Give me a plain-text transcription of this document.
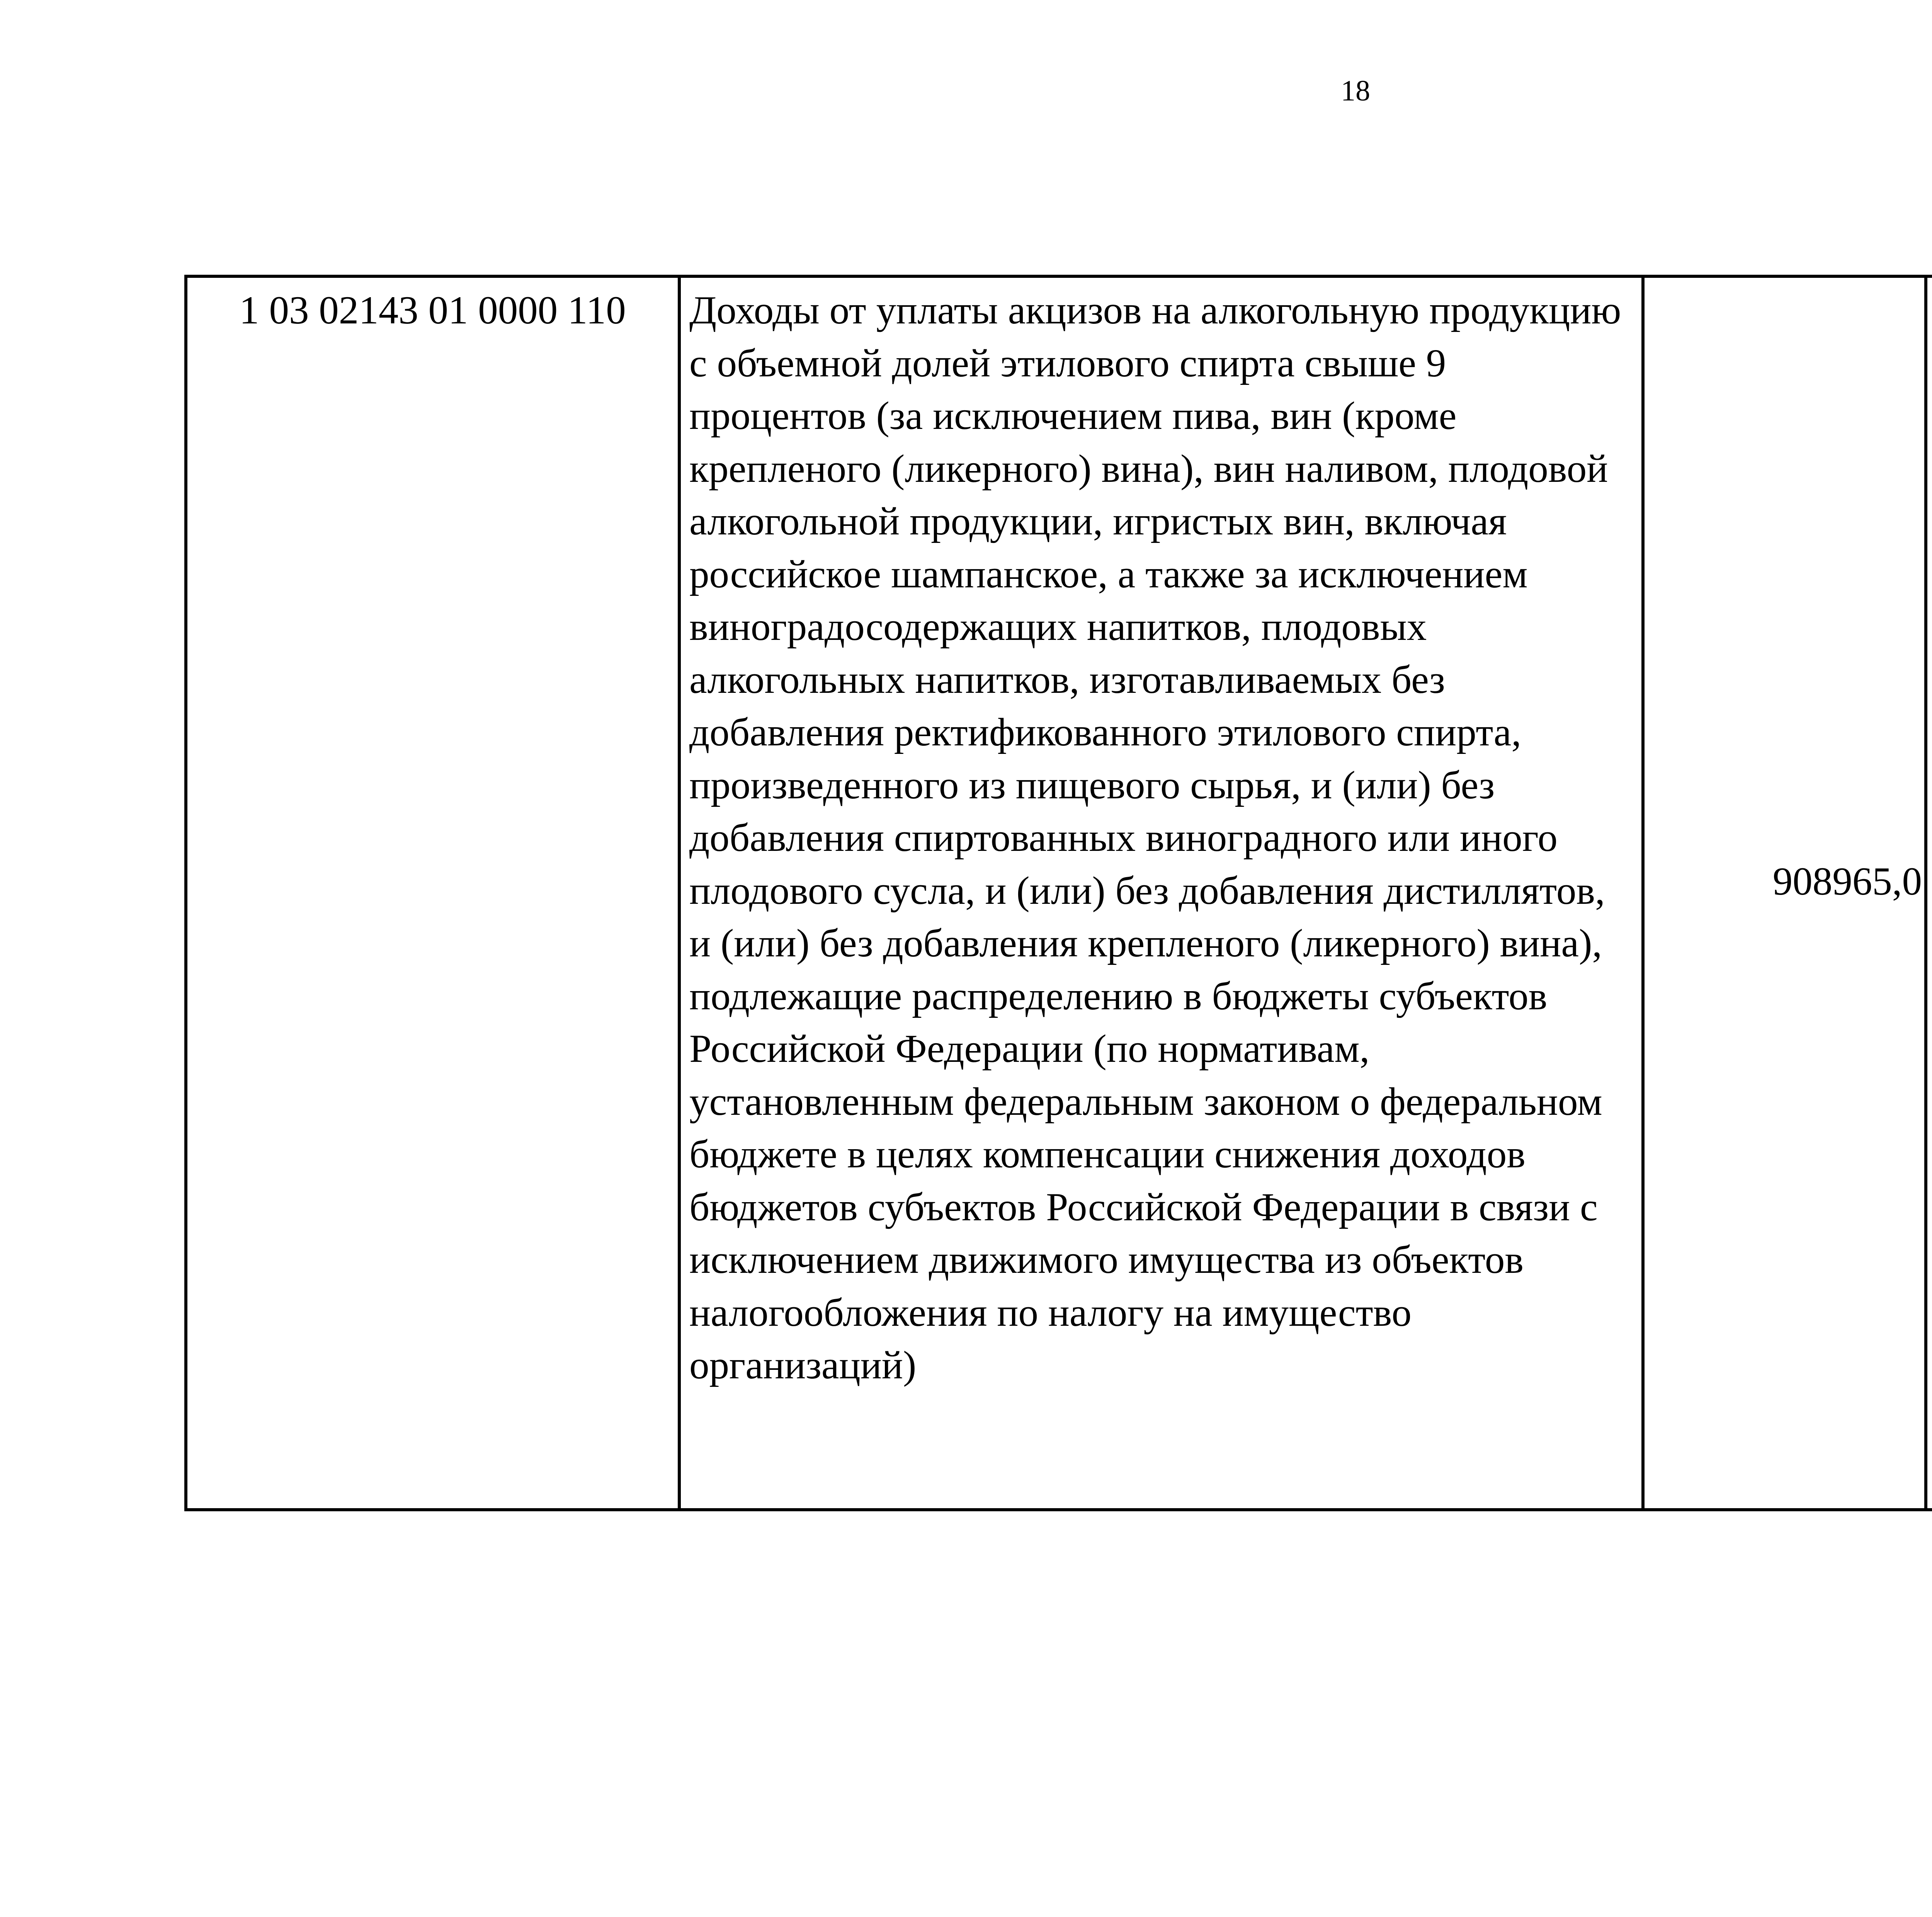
18
1 03 02143 01 0000 110	Доходы от уплаты акцизов на алкогольную продукцию с объемной долей этилового спирта свыше 9 процентов (за исключением пива, вин (кроме крепленого (ликерного) вина), вин наливом, плодовой алкогольной продукции, игристых вин, включая российское шампанское, а также за исключением виноградосодержащих напитков, плодовых алкогольных напитков, изготавливаемых без добавления ректификованного этилового спирта, произведенного из пищевого сырья, и (или) без добавления спиртованных виноградного или иного плодового сусла, и (или) без добавления дистиллятов, и (или) без добавления крепленого (ликерного) вина), подлежащие распределению в бюджеты субъектов Российской Федерации (по нормативам, установленным федеральным законом о федеральном бюджете в целях компенсации снижения доходов бюджетов субъектов Российской Федерации в связи с исключением движимого имущества из объектов налогообложения по налогу на имущество организаций)	908965,0		
